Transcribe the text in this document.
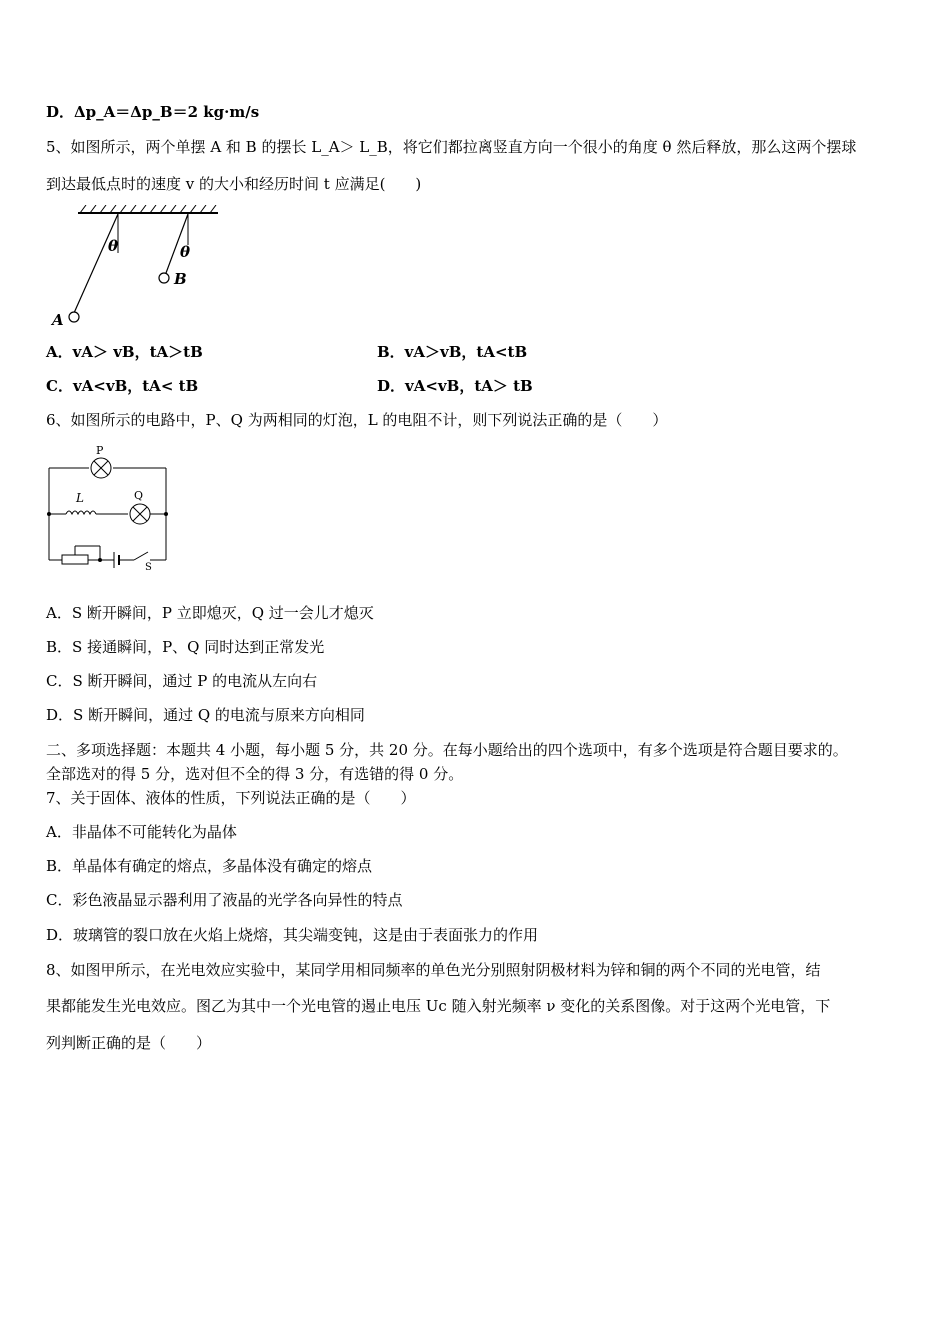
D．Δp_A＝Δp_B＝2 kg·m/s
5、如图所示，两个单摆 A 和 B 的摆长 L_A＞ L_B，将它们都拉离竖直方向一个很小的角度 θ 然后释放，那么这两个摆球
到达最低点时的速度 v 的大小和经历时间 t 应满足(　　)
θ	θ
B
A
A．vA＞ vB，tA＞tB	B．vA＞vB，tA<tB
C．vA<vB，tA< tB	D．vA<vB，tA＞ tB
6、如图所示的电路中，P、Q 为两相同的灯泡，L 的电阻不计，则下列说法正确的是（　　）
P
L	Q
S
A．S 断开瞬间，P 立即熄灭，Q 过一会儿才熄灭
B．S 接通瞬间，P、Q 同时达到正常发光
C．S 断开瞬间，通过 P 的电流从左向右
D．S 断开瞬间，通过 Q 的电流与原来方向相同
二、多项选择题：本题共 4 小题，每小题 5 分，共 20 分。在每小题给出的四个选项中，有多个选项是符合题目要求的。
全部选对的得 5 分，选对但不全的得 3 分，有选错的得 0 分。
7、关于固体、液体的性质，下列说法正确的是（　　）
A．非晶体不可能转化为晶体
B．单晶体有确定的熔点，多晶体没有确定的熔点
C．彩色液晶显示器利用了液晶的光学各向异性的特点
D．玻璃管的裂口放在火焰上烧熔，其尖端变钝，这是由于表面张力的作用
8、如图甲所示，在光电效应实验中，某同学用相同频率的单色光分别照射阴极材料为锌和铜的两个不同的光电管，结
果都能发生光电效应。图乙为其中一个光电管的遏止电压 Uc 随入射光频率 ν 变化的关系图像。对于这两个光电管，下
列判断正确的是（　　）
